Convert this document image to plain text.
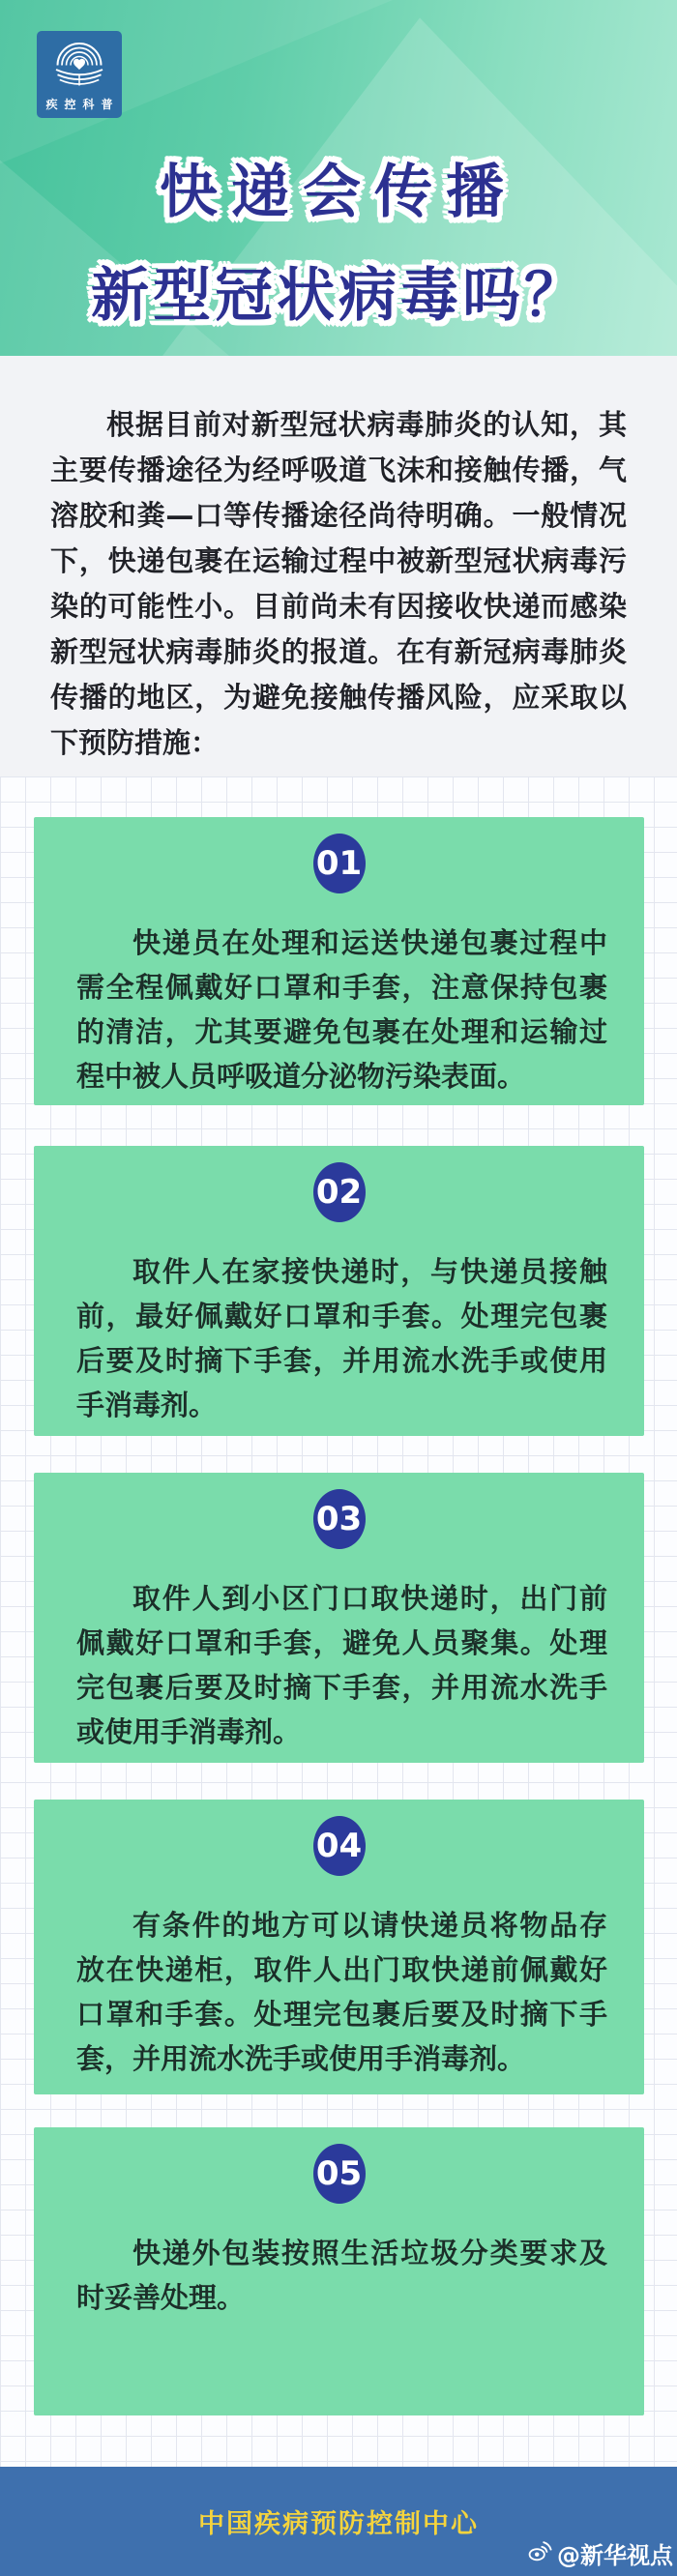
疾控科普
快递会传播
新型冠状病毒吗？
根据目前对新型冠状病毒肺炎的认知，其主要传播途径为经呼吸道飞沫和接触传播，气溶胶和粪—口等传播途径尚待明确。一般情况下，快递包裹在运输过程中被新型冠状病毒污染的可能性小。目前尚未有因接收快递而感染新型冠状病毒肺炎的报道。在有新冠病毒肺炎传播的地区，为避免接触传播风险，应采取以下预防措施：
01
快递员在处理和运送快递包裹过程中需全程佩戴好口罩和手套，注意保持包裹的清洁，尤其要避免包裹在处理和运输过程中被人员呼吸道分泌物污染表面。
02
取件人在家接快递时，与快递员接触前，最好佩戴好口罩和手套。处理完包裹后要及时摘下手套，并用流水洗手或使用手消毒剂。
03
取件人到小区门口取快递时，出门前佩戴好口罩和手套，避免人员聚集。处理完包裹后要及时摘下手套，并用流水洗手或使用手消毒剂。
04
有条件的地方可以请快递员将物品存放在快递柜，取件人出门取快递前佩戴好口罩和手套。处理完包裹后要及时摘下手套，并用流水洗手或使用手消毒剂。
05
快递外包装按照生活垃圾分类要求及时妥善处理。
中国疾病预防控制中心
@新华视点
